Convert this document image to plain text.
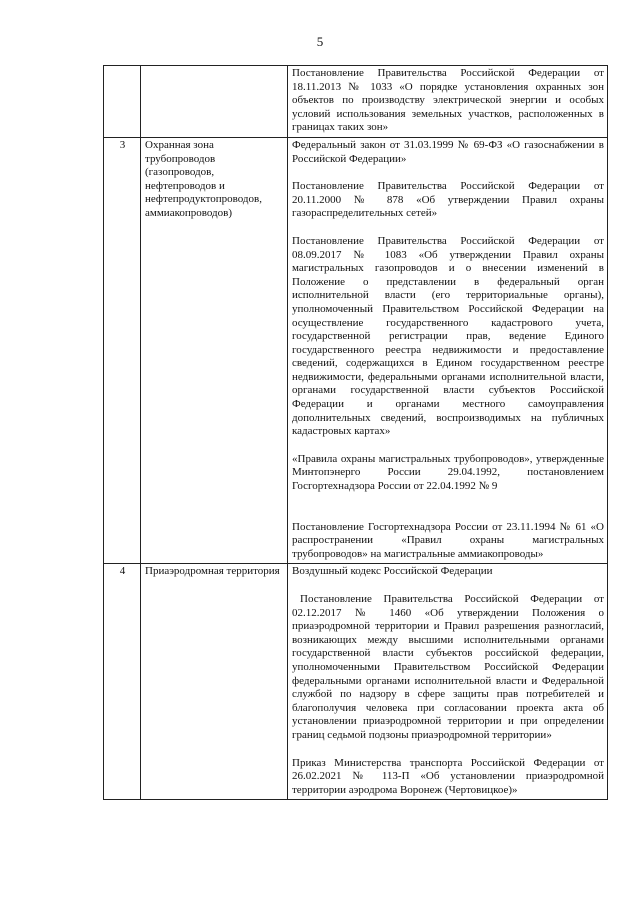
5

		Постановление Правительства Российской Федерации от 18.11.2013 № 1033 «О порядке установления охранных зон объектов по производству электрической энергии и особых условий использования земельных участков, расположенных в границах таких зон»

3	Охранная зона трубопроводов (газопроводов, нефтепроводов и нефтепродуктопроводов, аммиакопроводов)	Федеральный закон от 31.03.1999 № 69-ФЗ «О газоснабжении в Российской Федерации»

Постановление Правительства Российской Федерации от 20.11.2000 № 878 «Об утверждении Правил охраны газораспределительных сетей»

Постановление Правительства Российской Федерации от 08.09.2017 № 1083 «Об утверждении Правил охраны магистральных газопроводов и о внесении изменений в Положение о представлении в федеральный орган исполнительной власти (его территориальные органы), уполномоченный Правительством Российской Федерации на осуществление государственного кадастрового учета, государственной регистрации прав, ведение Единого государственного реестра недвижимости и предоставление сведений, содержащихся в Едином государственном реестре недвижимости, федеральными органами исполнительной власти, органами государственной власти субъектов Российской Федерации и органами местного самоуправления дополнительных сведений, воспроизводимых на публичных кадастровых картах»

«Правила охраны магистральных трубопроводов», утвержденные Минтопэнерго России 29.04.1992, постановлением Госгортехнадзора России от 22.04.1992 № 9

Постановление Госгортехнадзора России от 23.11.1994 № 61 «О распространении «Правил охраны магистральных трубопроводов» на магистральные аммиакопроводы»

4	Приаэродромная территория	Воздушный кодекс Российской Федерации

Постановление Правительства Российской Федерации от 02.12.2017 № 1460 «Об утверждении Положения о приаэродромной территории и Правил разрешения разногласий, возникающих между высшими исполнительными органами государственной власти субъектов российской федерации, уполномоченными Правительством Российской Федерации федеральными органами исполнительной власти и Федеральной службой по надзору в сфере защиты прав потребителей и благополучия человека при согласовании проекта акта об установлении приаэродромной территории и при определении границ седьмой подзоны приаэродромной территории»

Приказ Министерства транспорта Российской Федерации от 26.02.2021 № 113-П «Об установлении приаэродромной территории аэродрома Воронеж (Чертовицкое)»
